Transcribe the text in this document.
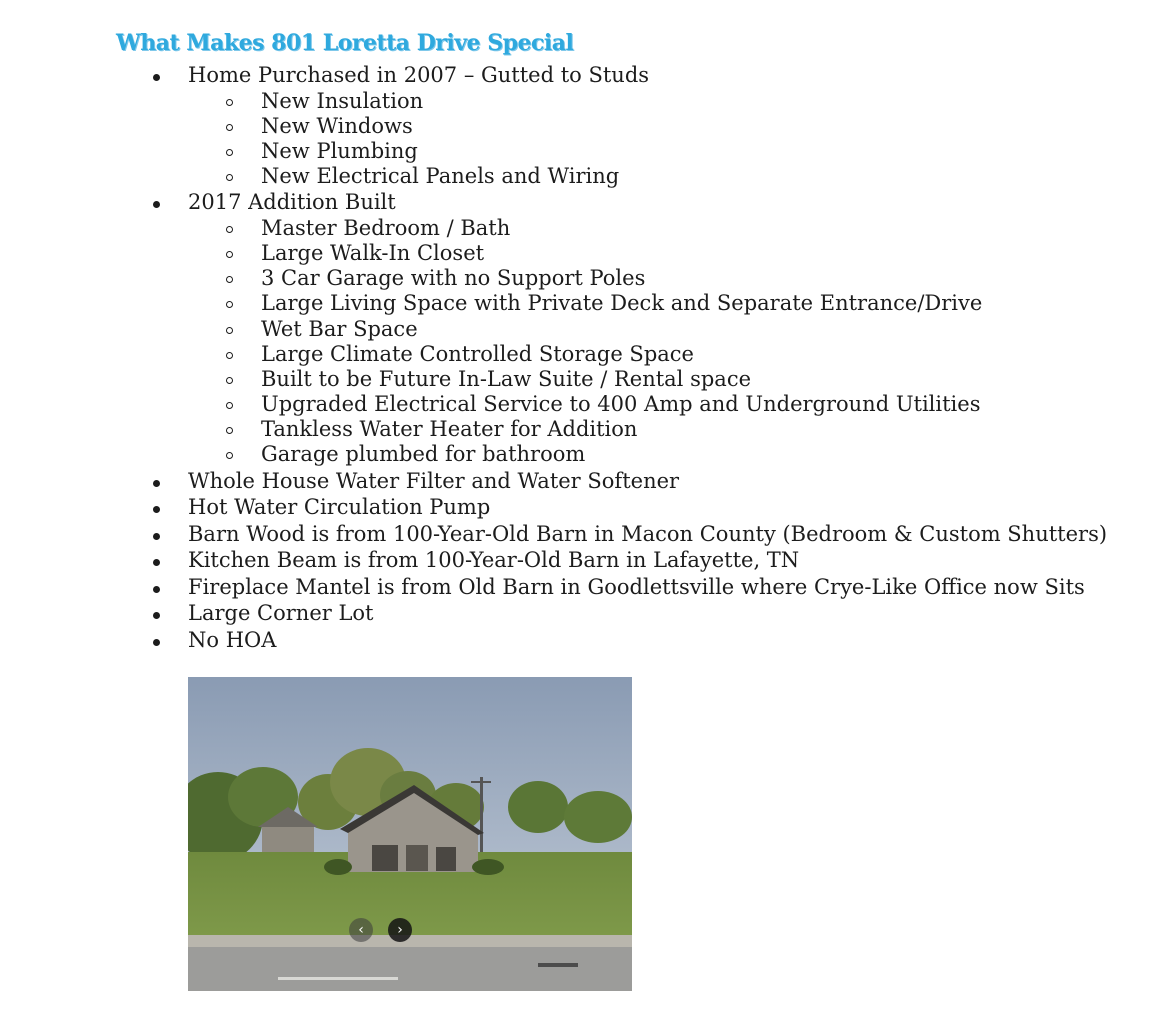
What Makes 801 Loretta Drive Special
Home Purchased in 2007 – Gutted to Studs
New Insulation
New Windows
New Plumbing
New Electrical Panels and Wiring
2017 Addition Built
Master Bedroom / Bath
Large Walk-In Closet
3 Car Garage with no Support Poles
Large Living Space with Private Deck and Separate Entrance/Drive
Wet Bar Space
Large Climate Controlled Storage Space
Built to be Future In-Law Suite / Rental space
Upgraded Electrical Service to 400 Amp and Underground Utilities
Tankless Water Heater for Addition
Garage plumbed for bathroom
Whole House Water Filter and Water Softener
Hot Water Circulation Pump
Barn Wood is from 100-Year-Old Barn in Macon County (Bedroom & Custom Shutters)
Kitchen Beam is from 100-Year-Old Barn in Lafayette, TN
Fireplace Mantel is from Old Barn in Goodlettsville where Crye-Like Office now Sits
Large Corner Lot
No HOA
‹	›
